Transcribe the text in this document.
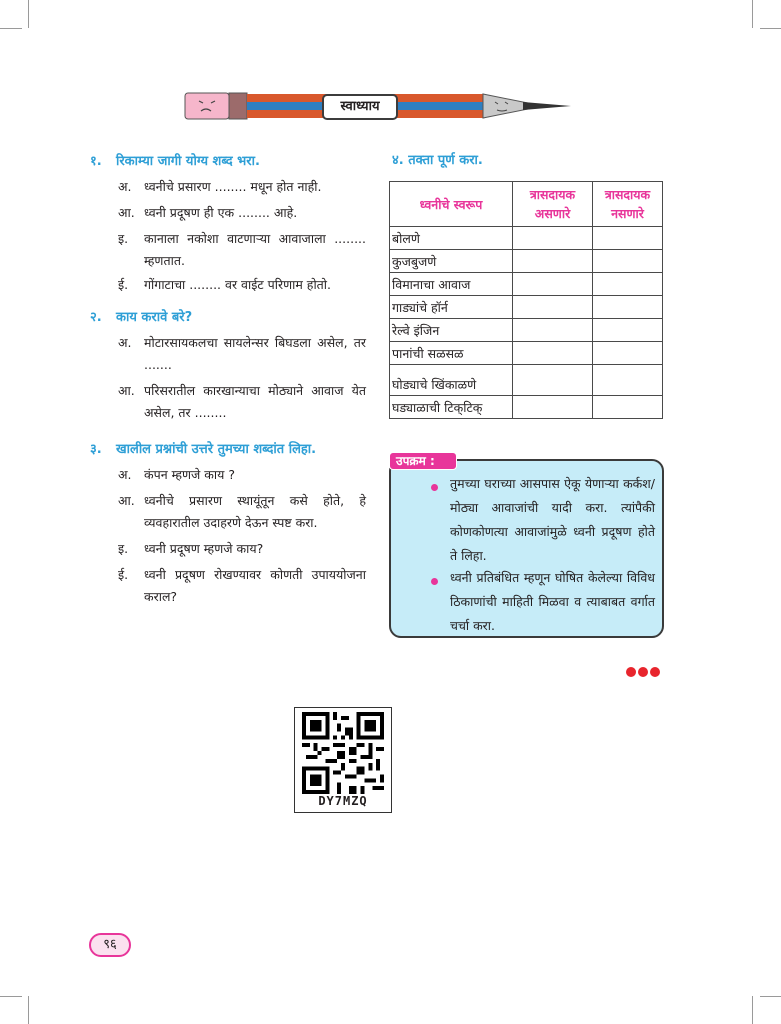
स्वाध्याय
१. रिकाम्या जागी योग्य शब्द भरा.
अ. ध्वनीचे प्रसारण ........ मधून होत नाही.
आ. ध्वनी प्रदूषण ही एक ........ आहे.
इ. कानाला नकोशा वाटणाऱ्या आवाजाला ........ म्हणतात.
ई. गोंगाटाचा ........ वर वाईट परिणाम होतो.
२. काय करावे बरे?
अ. मोटारसायकलचा सायलेन्सर बिघडला असेल, तर .......
आ. परिसरातील कारखान्याचा मोठ्याने आवाज येत असेल, तर ........
३. खालील प्रश्नांची उत्तरे तुमच्या शब्दांत लिहा.
अ. कंपन म्हणजे काय ?
आ. ध्वनीचे प्रसारण स्थायूंतून कसे होते, हे व्यवहारातील उदाहरणे देऊन स्पष्ट करा.
इ. ध्वनी प्रदूषण म्हणजे काय?
ई. ध्वनी प्रदूषण रोखण्यावर कोणती उपाययोजना कराल?
४. तक्ता पूर्ण करा.
ध्वनीचे स्वरूप	त्रासदायक असणारे	त्रासदायक नसणारे
बोलणे		
कुजबुजणे		
विमानाचा आवाज		
गाड्यांचे हॉर्न		
रेल्वे इंजिन		
पानांची सळसळ		
घोड्याचे खिंकाळणे		
घड्याळाची टिक्‌टिक्‌		
उपक्रम :
तुमच्या घराच्या आसपास ऐकू येणाऱ्या कर्कश/मोठ्या आवाजांची यादी करा. त्यांपैकी कोणकोणत्या आवाजांमुळे ध्वनी प्रदूषण होते ते लिहा.
ध्वनी प्रतिबंधित म्हणून घोषित केलेल्या विविध ठिकाणांची माहिती मिळवा व त्याबाबत वर्गात चर्चा करा.
DY7MZQ
९६
